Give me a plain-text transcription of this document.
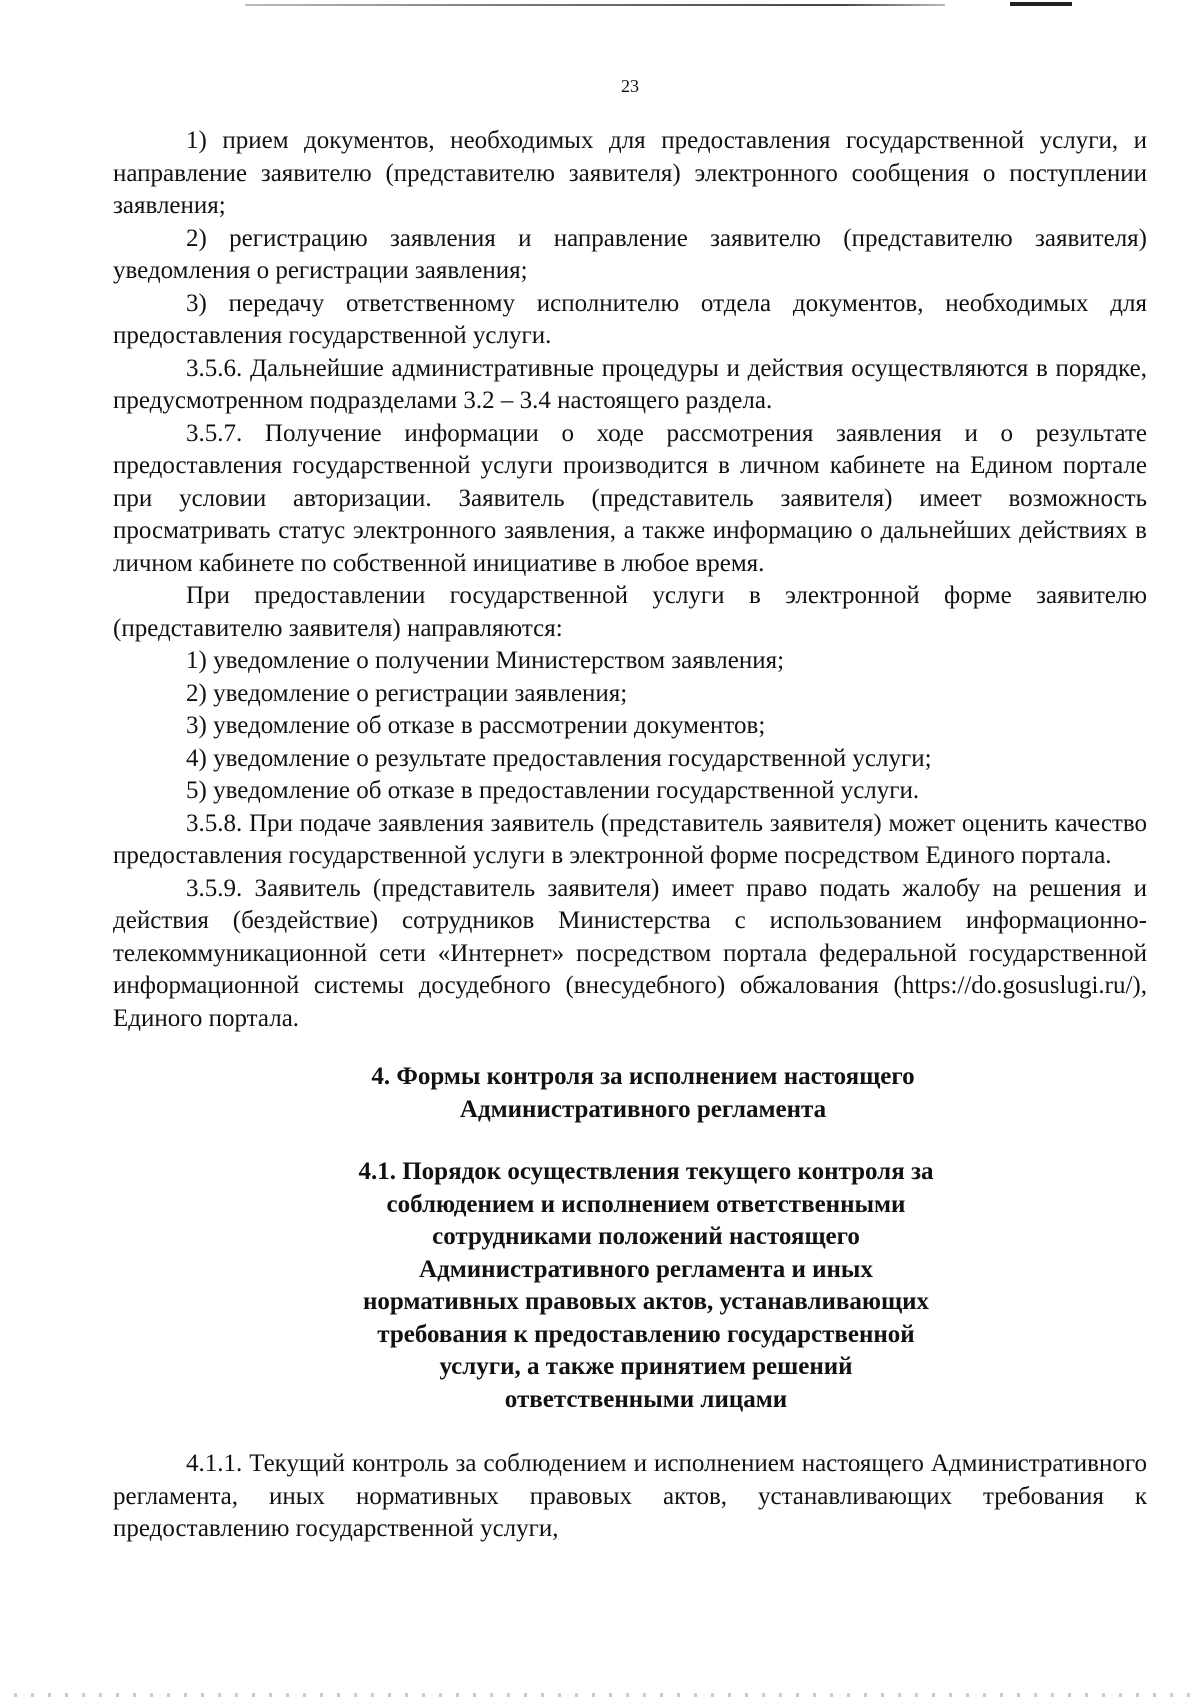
23

1) прием документов, необходимых для предоставления государственной услуги, и направление заявителю (представителю заявителя) электронного сообщения о поступлении заявления;

2) регистрацию заявления и направление заявителю (представителю заявителя) уведомления о регистрации заявления;

3) передачу ответственному исполнителю отдела документов, необходимых для предоставления государственной услуги.

3.5.6. Дальнейшие административные процедуры и действия осуществляются в порядке, предусмотренном подразделами 3.2 – 3.4 настоящего раздела.

3.5.7. Получение информации о ходе рассмотрения заявления и о результате предоставления государственной услуги производится в личном кабинете на Едином портале при условии авторизации. Заявитель (представитель заявителя) имеет возможность просматривать статус электронного заявления, а также информацию о дальнейших действиях в личном кабинете по собственной инициативе в любое время.

При предоставлении государственной услуги в электронной форме заявителю (представителю заявителя) направляются:

1) уведомление о получении Министерством заявления;

2) уведомление о регистрации заявления;

3) уведомление об отказе в рассмотрении документов;

4) уведомление о результате предоставления государственной услуги;

5) уведомление об отказе в предоставлении государственной услуги.

3.5.8. При подаче заявления заявитель (представитель заявителя) может оценить качество предоставления государственной услуги в электронной форме посредством Единого портала.

3.5.9. Заявитель (представитель заявителя) имеет право подать жалобу на решения и действия (бездействие) сотрудников Министерства с использованием информационно-телекоммуникационной сети «Интернет» посредством портала федеральной государственной информационной системы досудебного (внесудебного) обжалования (https://do.gosuslugi.ru/), Единого портала.

4. Формы контроля за исполнением настоящего
Административного регламента
4.1. Порядок осуществления текущего контроля за
соблюдением и исполнением ответственными
сотрудниками положений настоящего
Административного регламента и иных
нормативных правовых актов, устанавливающих
требования к предоставлению государственной
услуги, а также принятием решений
ответственными лицами

4.1.1. Текущий контроль за соблюдением и исполнением настоящего Административного регламента, иных нормативных правовых актов, устанавливающих требования к предоставлению государственной услуги,
